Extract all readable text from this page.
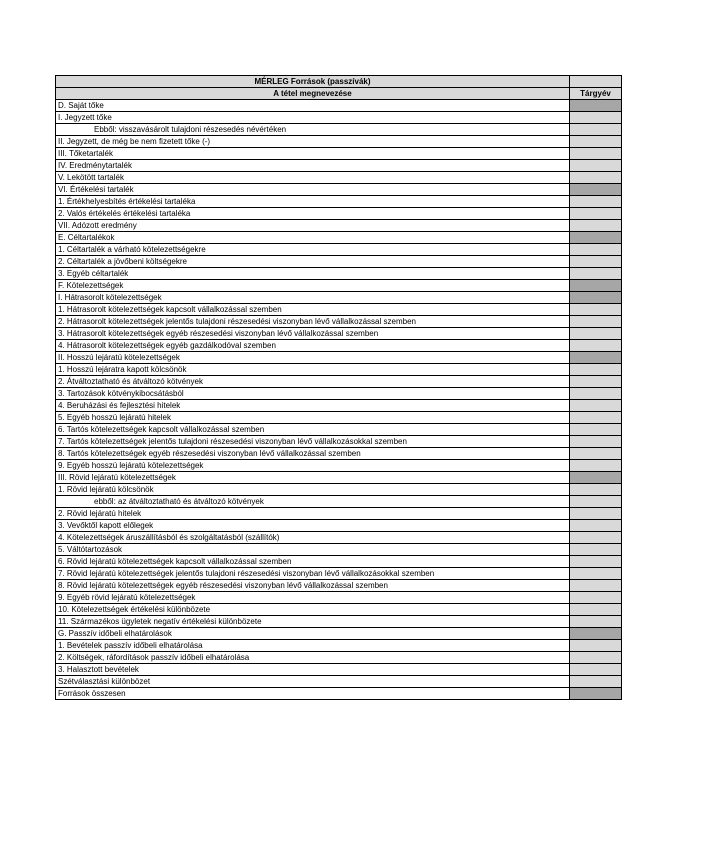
MÉRLEG Források (passzívák)	
A tétel megnevezése	Tárgyév
D. Saját tőke	
I. Jegyzett tőke	
Ebből: visszavásárolt tulajdoni részesedés névértéken	
II. Jegyzett, de még be nem fizetett tőke (-)	
III. Tőketartalék	
IV. Eredménytartalék	
V. Lekötött tartalék	
VI. Értékelési tartalék	
1. Értékhelyesbítés értékelési tartaléka	
2. Valós értékelés értékelési tartaléka	
VII. Adózott eredmény	
E. Céltartalékok	
1. Céltartalék a várható kötelezettségekre	
2. Céltartalék a jövőbeni költségekre	
3. Egyéb céltartalék	
F. Kötelezettségek	
I. Hátrasorolt kötelezettségek	
1. Hátrasorolt kötelezettségek kapcsolt vállalkozással szemben	
2. Hátrasorolt kötelezettségek jelentős tulajdoni részesedési viszonyban lévő vállalkozással szemben	
3. Hátrasorolt kötelezettségek egyéb részesedési viszonyban lévő vállalkozással szemben	
4. Hátrasorolt kötelezettségek egyéb gazdálkodóval szemben	
II. Hosszú lejáratú kötelezettségek	
1. Hosszú lejáratra kapott kölcsönök	
2. Átváltoztatható és átváltozó kötvények	
3. Tartozások kötvénykibocsátásból	
4. Beruházási és fejlesztési hitelek	
5. Egyéb hosszú lejáratú hitelek	
6. Tartós kötelezettségek kapcsolt vállalkozással szemben	
7. Tartós kötelezettségek jelentős tulajdoni részesedési viszonyban lévő vállalkozásokkal szemben	
8. Tartós kötelezettségek egyéb részesedési viszonyban lévő vállalkozással szemben	
9. Egyéb hosszú lejáratú kötelezettségek	
III. Rövid lejáratú kötelezettségek	
1. Rövid lejáratú kölcsönök	
ebből: az átváltoztatható és átváltozó kötvények	
2. Rövid lejáratú hitelek	
3. Vevőktől kapott előlegek	
4. Kötelezettségek áruszállításból és szolgáltatásból (szállítók)	
5. Váltótartozások	
6. Rövid lejáratú kötelezettségek kapcsolt vállalkozással szemben	
7. Rövid lejáratú kötelezettségek jelentős tulajdoni részesedési viszonyban lévő vállalkozásokkal szemben	
8. Rövid lejáratú kötelezettségek egyéb részesedési viszonyban lévő vállalkozással szemben	
9. Egyéb rövid lejáratú kötelezettségek	
10. Kötelezettségek értékelési különbözete	
11. Származékos ügyletek negatív értékelési különbözete	
G. Passzív időbeli elhatárolások	
1. Bevételek passzív időbeli elhatárolása	
2. Költségek, ráfordítások passzív időbeli elhatárolása	
3. Halasztott bevételek	
Szétválasztási különbözet	
Források összesen	
